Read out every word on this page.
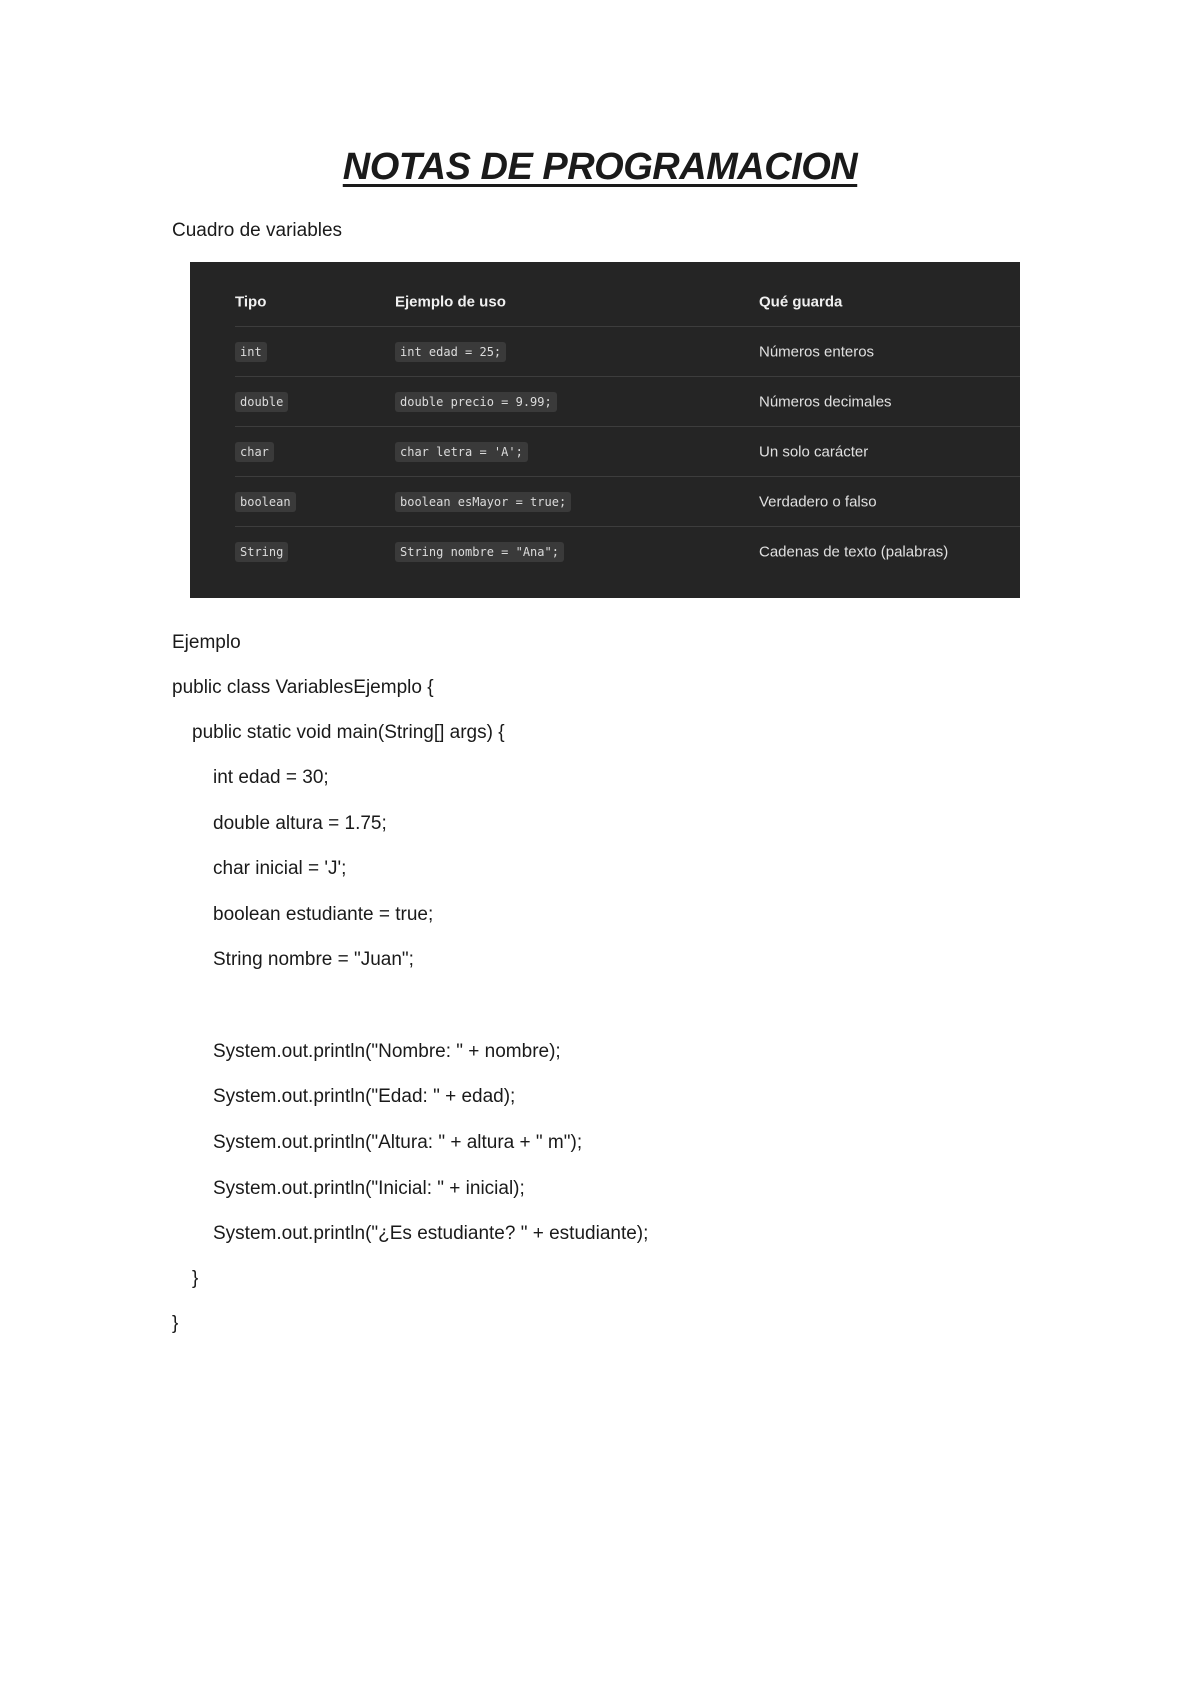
NOTAS DE PROGRAMACION

Cuadro de variables

Tipo	Ejemplo de uso	Qué guarda
int	int edad = 25;	Números enteros
double	double precio = 9.99;	Números decimales
char	char letra = 'A';	Un solo carácter
boolean	boolean esMayor = true;	Verdadero o falso
String	String nombre = "Ana";	Cadenas de texto (palabras)

Ejemplo

public class VariablesEjemplo {

public static void main(String[] args) {

int edad = 30;

double altura = 1.75;

char inicial = 'J';

boolean estudiante = true;

String nombre = "Juan";

System.out.println("Nombre: " + nombre);

System.out.println("Edad: " + edad);

System.out.println("Altura: " + altura + " m");

System.out.println("Inicial: " + inicial);

System.out.println("¿Es estudiante? " + estudiante);

}

}
